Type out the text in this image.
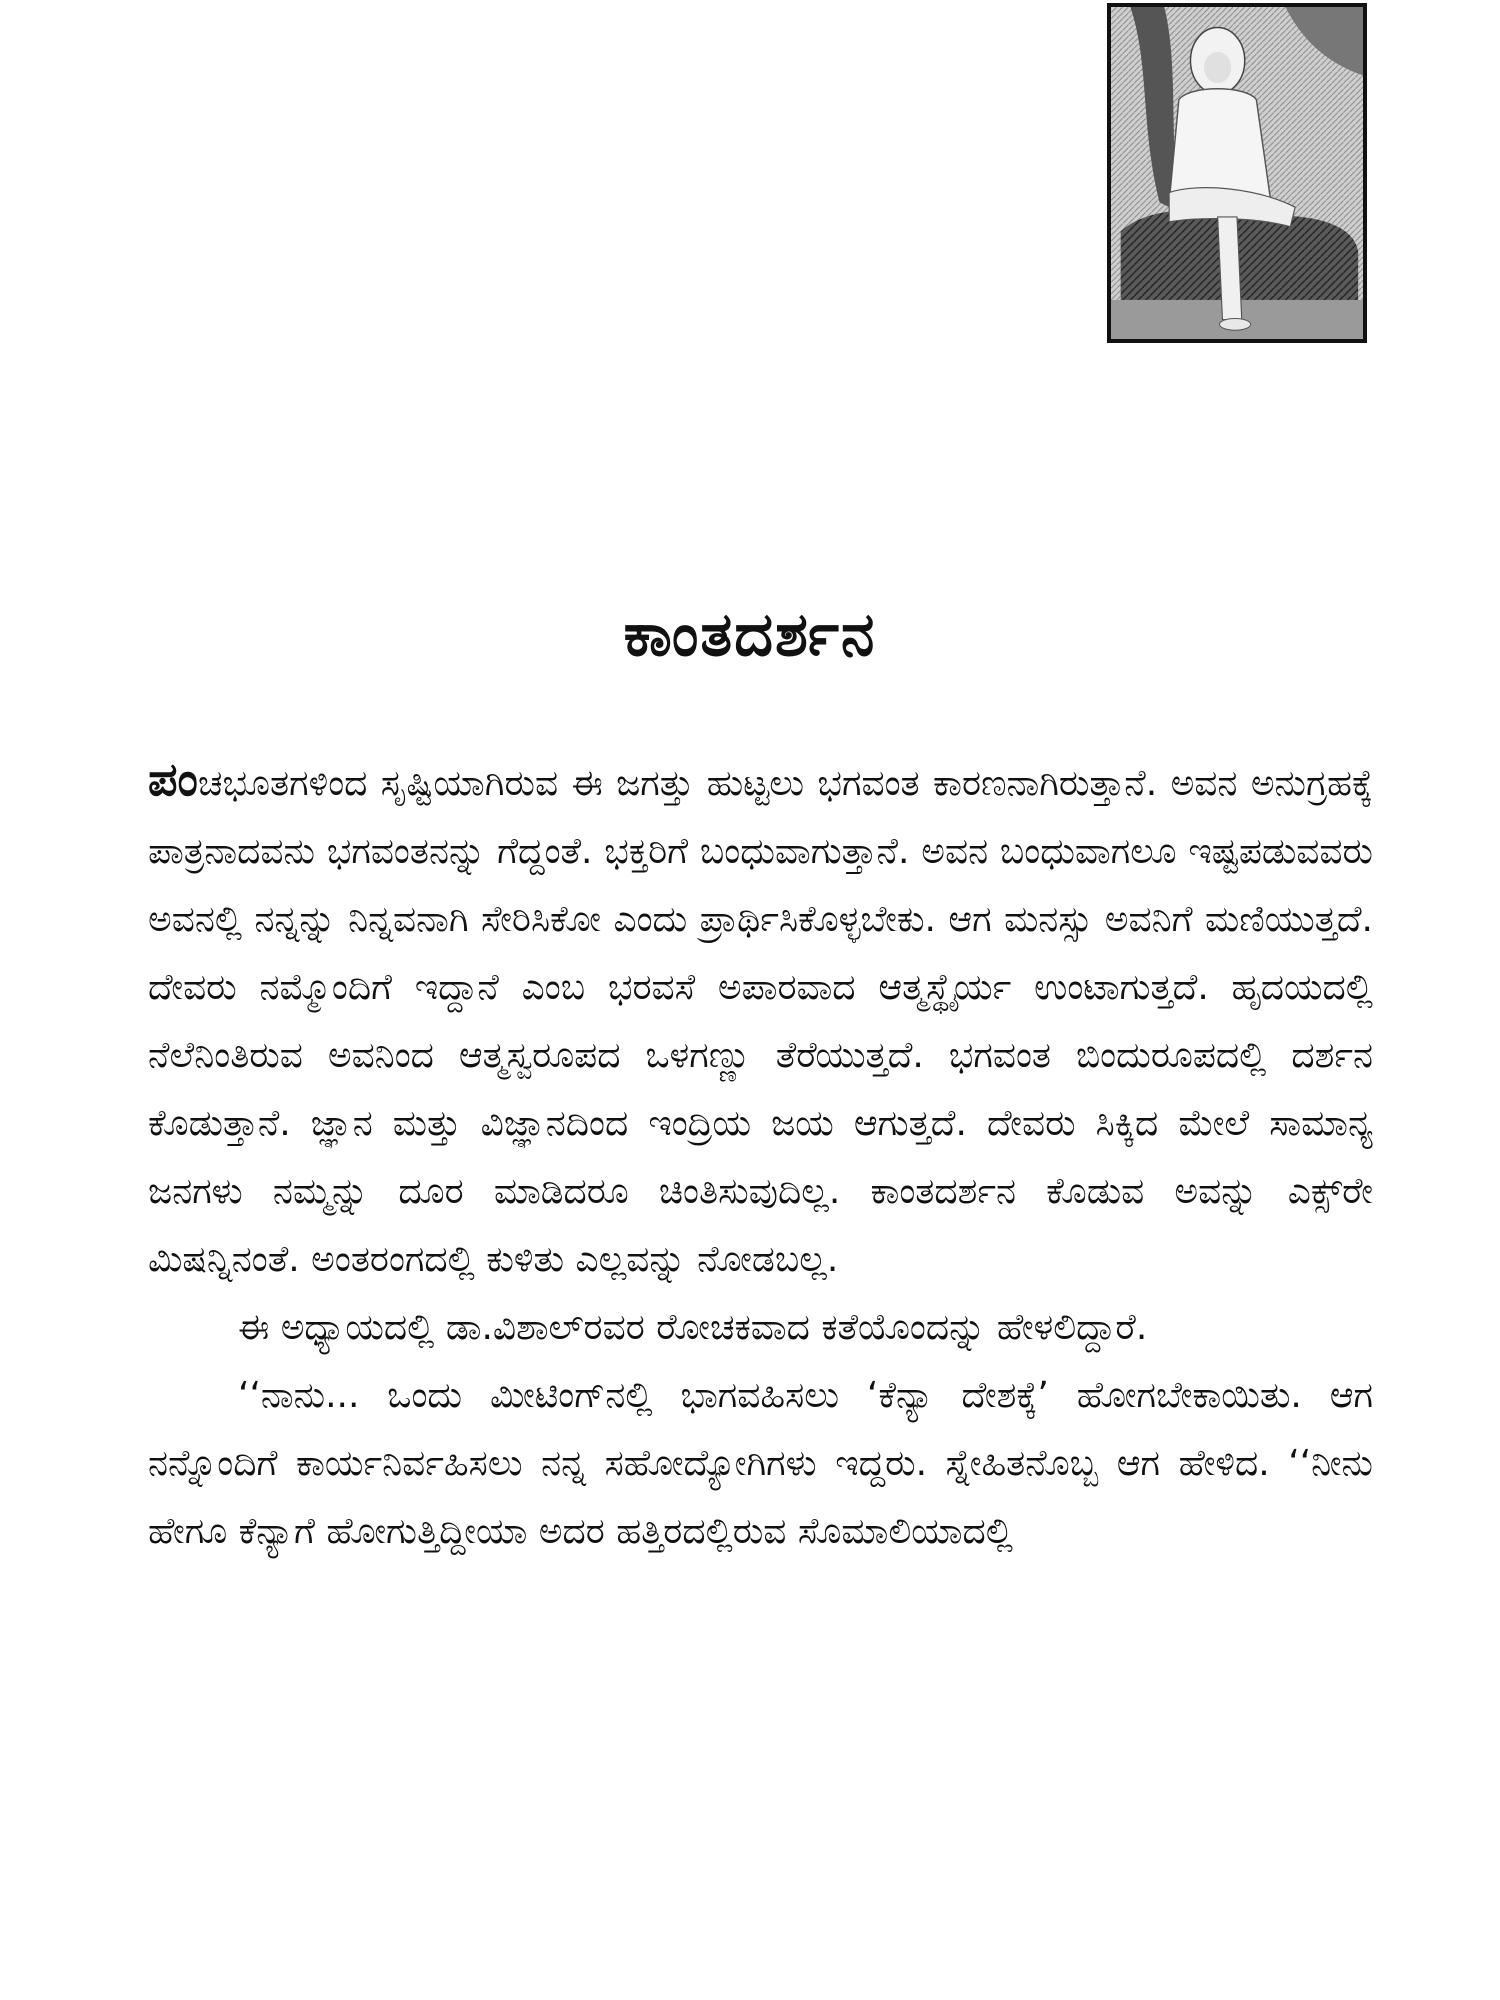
ಕಾಂತದರ್ಶನ

ಪಂಚಭೂತಗಳಿಂದ ಸೃಷ್ಟಿಯಾಗಿರುವ ಈ ಜಗತ್ತು ಹುಟ್ಟಲು ಭಗವಂತ ಕಾರಣನಾಗಿರುತ್ತಾನೆ. ಅವನ ಅನುಗ್ರಹಕ್ಕೆ ಪಾತ್ರನಾದವನು ಭಗವಂತನನ್ನು ಗೆದ್ದಂತೆ. ಭಕ್ತರಿಗೆ ಬಂಧುವಾಗುತ್ತಾನೆ. ಅವನ ಬಂಧುವಾಗಲೂ ಇಷ್ಟಪಡುವವರು ಅವನಲ್ಲಿ ನನ್ನನ್ನು ನಿನ್ನವನಾಗಿ ಸೇರಿಸಿಕೋ ಎಂದು ಪ್ರಾರ್ಥಿಸಿಕೊಳ್ಳಬೇಕು. ಆಗ ಮನಸ್ಸು ಅವನಿಗೆ ಮಣಿಯುತ್ತದೆ. ದೇವರು ನಮ್ಮೊಂದಿಗೆ ಇದ್ದಾನೆ ಎಂಬ ಭರವಸೆ ಅಪಾರವಾದ ಆತ್ಮಸ್ಥೈರ್ಯ ಉಂಟಾಗುತ್ತದೆ. ಹೃದಯದಲ್ಲಿ ನೆಲೆನಿಂತಿರುವ ಅವನಿಂದ ಆತ್ಮಸ್ವರೂಪದ ಒಳಗಣ್ಣು ತೆರೆಯುತ್ತದೆ. ಭಗವಂತ ಬಿಂದುರೂಪದಲ್ಲಿ ದರ್ಶನ ಕೊಡುತ್ತಾನೆ. ಜ್ಞಾನ ಮತ್ತು ವಿಜ್ಞಾನದಿಂದ ಇಂದ್ರಿಯ ಜಯ ಆಗುತ್ತದೆ. ದೇವರು ಸಿಕ್ಕಿದ ಮೇಲೆ ಸಾಮಾನ್ಯ ಜನಗಳು ನಮ್ಮನ್ನು ದೂರ ಮಾಡಿದರೂ ಚಿಂತಿಸುವುದಿಲ್ಲ. ಕಾಂತದರ್ಶನ ಕೊಡುವ ಅವನ್ನು ಎಕ್ಸ್‌ರೇ ಮಿಷನ್ನಿನಂತೆ. ಅಂತರಂಗದಲ್ಲಿ ಕುಳಿತು ಎಲ್ಲವನ್ನು ನೋಡಬಲ್ಲ.

ಈ ಅಧ್ಯಾಯದಲ್ಲಿ ಡಾ.ವಿಶಾಲ್‌ರವರ ರೋಚಕವಾದ ಕತೆಯೊಂದನ್ನು ಹೇಳಲಿದ್ದಾರೆ.

‘‘ನಾನು... ಒಂದು ಮೀಟಿಂಗ್‌ನಲ್ಲಿ ಭಾಗವಹಿಸಲು ‘ಕೆನ್ಯಾ ದೇಶಕ್ಕೆ’ ಹೋಗಬೇಕಾಯಿತು. ಆಗ ನನ್ನೊಂದಿಗೆ ಕಾರ್ಯನಿರ್ವಹಿಸಲು ನನ್ನ ಸಹೋದ್ಯೋಗಿಗಳು ಇದ್ದರು. ಸ್ನೇಹಿತನೊಬ್ಬ ಆಗ ಹೇಳಿದ. ‘‘ನೀನು ಹೇಗೂ ಕೆನ್ಯಾಗೆ ಹೋಗುತ್ತಿದ್ದೀಯಾ ಅದರ ಹತ್ತಿರದಲ್ಲಿರುವ ಸೊಮಾಲಿಯಾದಲ್ಲಿ
